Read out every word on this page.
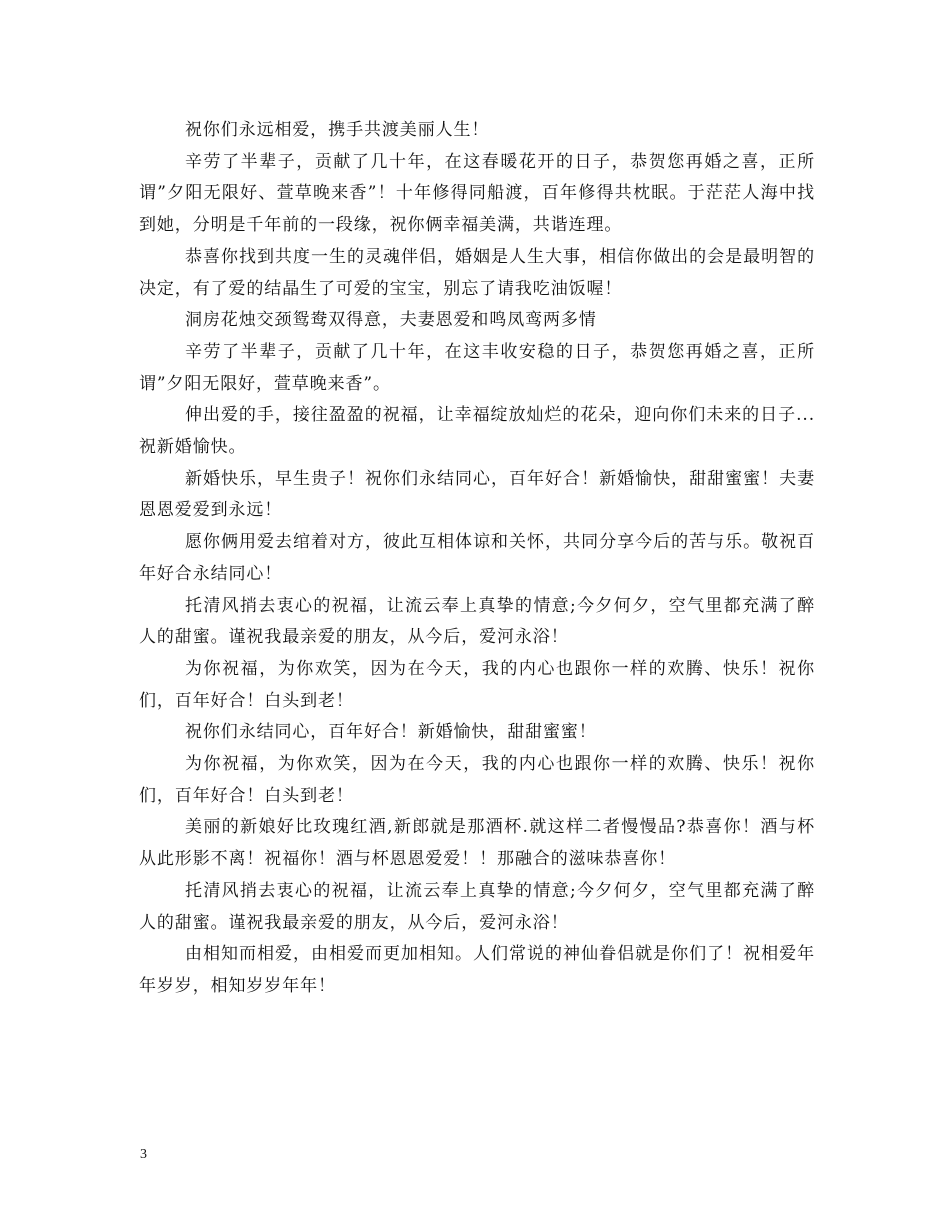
祝你们永远相爱，携手共渡美丽人生！

辛劳了半辈子，贡献了几十年，在这春暖花开的日子，恭贺您再婚之喜，正所谓”夕阳无限好、萱草晚来香”！十年修得同船渡，百年修得共枕眠。于茫茫人海中找到她，分明是千年前的一段缘，祝你俩幸福美满，共谐连理。

恭喜你找到共度一生的灵魂伴侣，婚姻是人生大事，相信你做出的会是最明智的决定，有了爱的结晶生了可爱的宝宝，别忘了请我吃油饭喔！

洞房花烛交颈鸳鸯双得意，夫妻恩爱和鸣凤鸾两多情

辛劳了半辈子，贡献了几十年，在这丰收安稳的日子，恭贺您再婚之喜，正所谓”夕阳无限好，萱草晚来香”。

伸出爱的手，接往盈盈的祝福，让幸福绽放灿烂的花朵，迎向你们未来的日子...祝新婚愉快。

新婚快乐，早生贵子！祝你们永结同心，百年好合！新婚愉快，甜甜蜜蜜！夫妻恩恩爱爱到永远！

愿你俩用爱去绾着对方，彼此互相体谅和关怀，共同分享今后的苦与乐。敬祝百年好合永结同心！

托清风捎去衷心的祝福，让流云奉上真挚的情意;今夕何夕，空气里都充满了醉人的甜蜜。谨祝我最亲爱的朋友，从今后，爱河永浴！

为你祝福，为你欢笑，因为在今天，我的内心也跟你一样的欢腾、快乐！祝你们，百年好合！白头到老！

祝你们永结同心，百年好合！新婚愉快，甜甜蜜蜜！

为你祝福，为你欢笑，因为在今天，我的内心也跟你一样的欢腾、快乐！祝你们，百年好合！白头到老！

美丽的新娘好比玫瑰红酒,新郎就是那酒杯.就这样二者慢慢品?恭喜你！酒与杯从此形影不离！祝福你！酒与杯恩恩爱爱！！那融合的滋味恭喜你！

托清风捎去衷心的祝福，让流云奉上真挚的情意;今夕何夕，空气里都充满了醉人的甜蜜。谨祝我最亲爱的朋友，从今后，爱河永浴！

由相知而相爱，由相爱而更加相知。人们常说的神仙眷侣就是你们了！祝相爱年年岁岁，相知岁岁年年！

3
